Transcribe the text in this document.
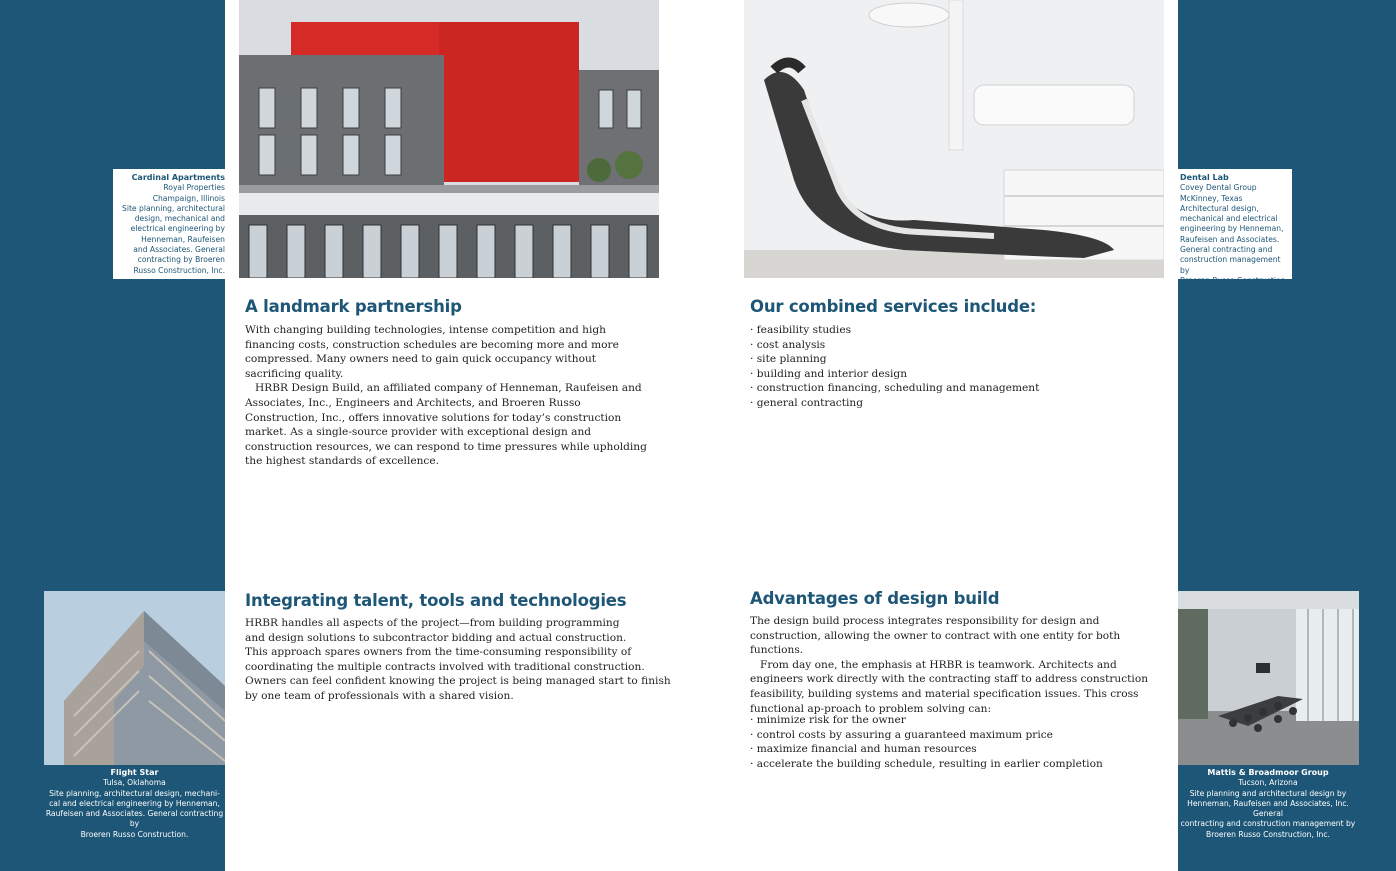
Cardinal Apartments
Royal Properties
Champaign, Illinois
Site planning, architectural
design, mechanical and
electrical engineering by
Henneman, Raufeisen
and Associates. General
contracting by Broeren
Russo Construction, Inc.
Dental Lab
Covey Dental Group
McKinney, Texas
Architectural design,
mechanical and electrical
engineering by Henneman,
Raufeisen and Associates.
General contracting and
construction management by
Broeren Russo Construction.
Flight Star
Tulsa, Oklahoma
Site planning, architectural design, mechani-
cal and electrical engineering by Henneman,
Raufeisen and Associates. General contracting by
Broeren Russo Construction.
Mattis & Broadmoor Group
Tucson, Arizona
Site planning and architectural design by
Henneman, Raufeisen and Associates, Inc. General
contracting and construction management by
Broeren Russo Construction, Inc.
A landmark partnership

With changing building technologies, intense competition and high financing costs, construction schedules are becoming more and more compressed. Many owners need to gain quick occupancy without sacrificing quality.

HRBR Design Build, an affiliated company of Henneman, Raufeisen and Associates, Inc., Engineers and Architects, and Broeren Russo Construction, Inc., offers innovative solutions for today’s construction market. As a single-source provider with exceptional design and construction resources, we can respond to time pressures while upholding the highest standards of excellence.

Our combined services include:
· feasibility studies
· cost analysis
· site planning
· building and interior design
· construction financing, scheduling and management
· general contracting
Integrating talent, tools and technologies
HRBR handles all aspects of the project—from building programming
and design solutions to subcontractor bidding and actual construction.
This approach spares owners from the time-consuming responsibility of
coordinating the multiple contracts involved with traditional construction.
Owners can feel confident knowing the project is being managed start to finish
by one team of professionals with a shared vision.
Advantages of design build

The design build process integrates responsibility for design and construction, allowing the owner to contract with one entity for both functions.

From day one, the emphasis at HRBR is teamwork. Architects and engineers work directly with the contracting staff to address construction feasibility, building systems and material specification issues. This cross functional ap-proach to problem solving can:

· minimize risk for the owner
· control costs by assuring a guaranteed maximum price
· maximize financial and human resources
· accelerate the building schedule, resulting in earlier completion
